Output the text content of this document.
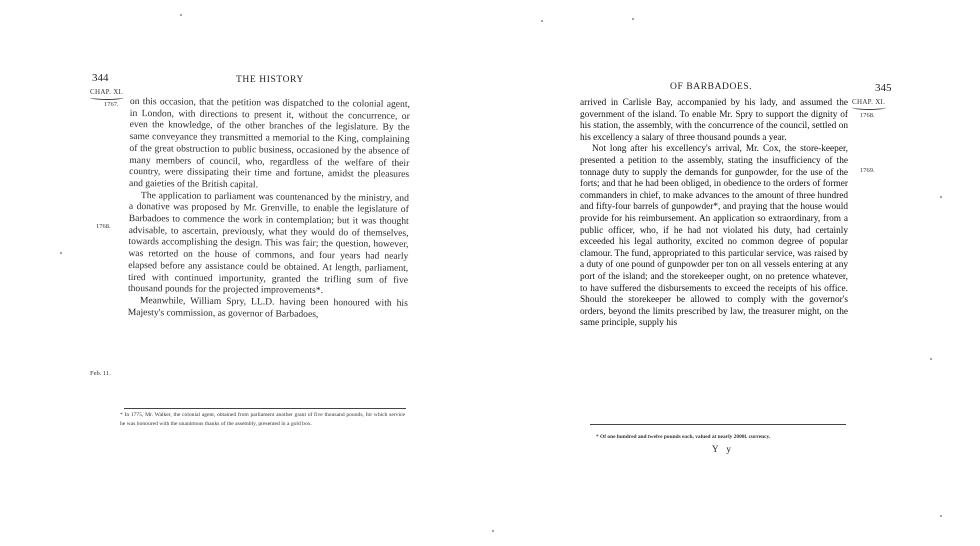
344	THE HISTORY
CHAP. XI.
1767.
1768.
Feb. 11.

on this occasion, that the petition was dispatched to the colonial agent, in London, with directions to present it, without the concurrence, or even the knowledge, of the other branches of the legislature. By the same conveyance they transmitted a memorial to the King, complaining of the great obstruction to public business, occasioned by the absence of many members of council, who, regardless of the welfare of their country, were dissipating their time and fortune, amidst the pleasures and gaieties of the British capital.

The application to parliament was countenanced by the ministry, and a donative was proposed by Mr. Grenville, to enable the legislature of Barbadoes to commence the work in contemplation; but it was thought advisable, to ascertain, previously, what they would do of themselves, towards accomplishing the design. This was fair; the question, however, was retorted on the house of commons, and four years had nearly elapsed before any assistance could be obtained. At length, parliament, tired with continued importunity, granted the trifling sum of five thousand pounds for the projected improvements*.

Meanwhile, William Spry, LL.D. having been honoured with his Majesty's commission, as governor of Barbadoes,

* In 1775, Mr. Walker, the colonial agent, obtained from parliament another grant of five thousand pounds, for which service he was honoured with the unanimous thanks of the assembly, presented in a gold box.
OF BARBADOES.	345
CHAP. XI.
1768.
1769.

arrived in Carlisle Bay, accompanied by his lady, and assumed the government of the island. To enable Mr. Spry to support the dignity of his station, the assembly, with the concurrence of the council, settled on his excellency a salary of three thousand pounds a year.

Not long after his excellency's arrival, Mr. Cox, the store-keeper, presented a petition to the assembly, stating the insufficiency of the tonnage duty to supply the demands for gunpowder, for the use of the forts; and that he had been obliged, in obedience to the orders of former commanders in chief, to make advances to the amount of three hundred and fifty-four barrels of gunpowder*, and praying that the house would provide for his reimbursement. An application so extraordinary, from a public officer, who, if he had not violated his duty, had certainly exceeded his legal authority, excited no common degree of popular clamour. The fund, appropriated to this particular service, was raised by a duty of one pound of gunpowder per ton on all vessels entering at any port of the island; and the storekeeper ought, on no pretence whatever, to have suffered the disbursements to exceed the receipts of his office. Should the storekeeper be allowed to comply with the governor's orders, beyond the limits prescribed by law, the treasurer might, on the same principle, supply his

* Of one hundred and twelve pounds each, valued at nearly 2000l. currency.
Y y
